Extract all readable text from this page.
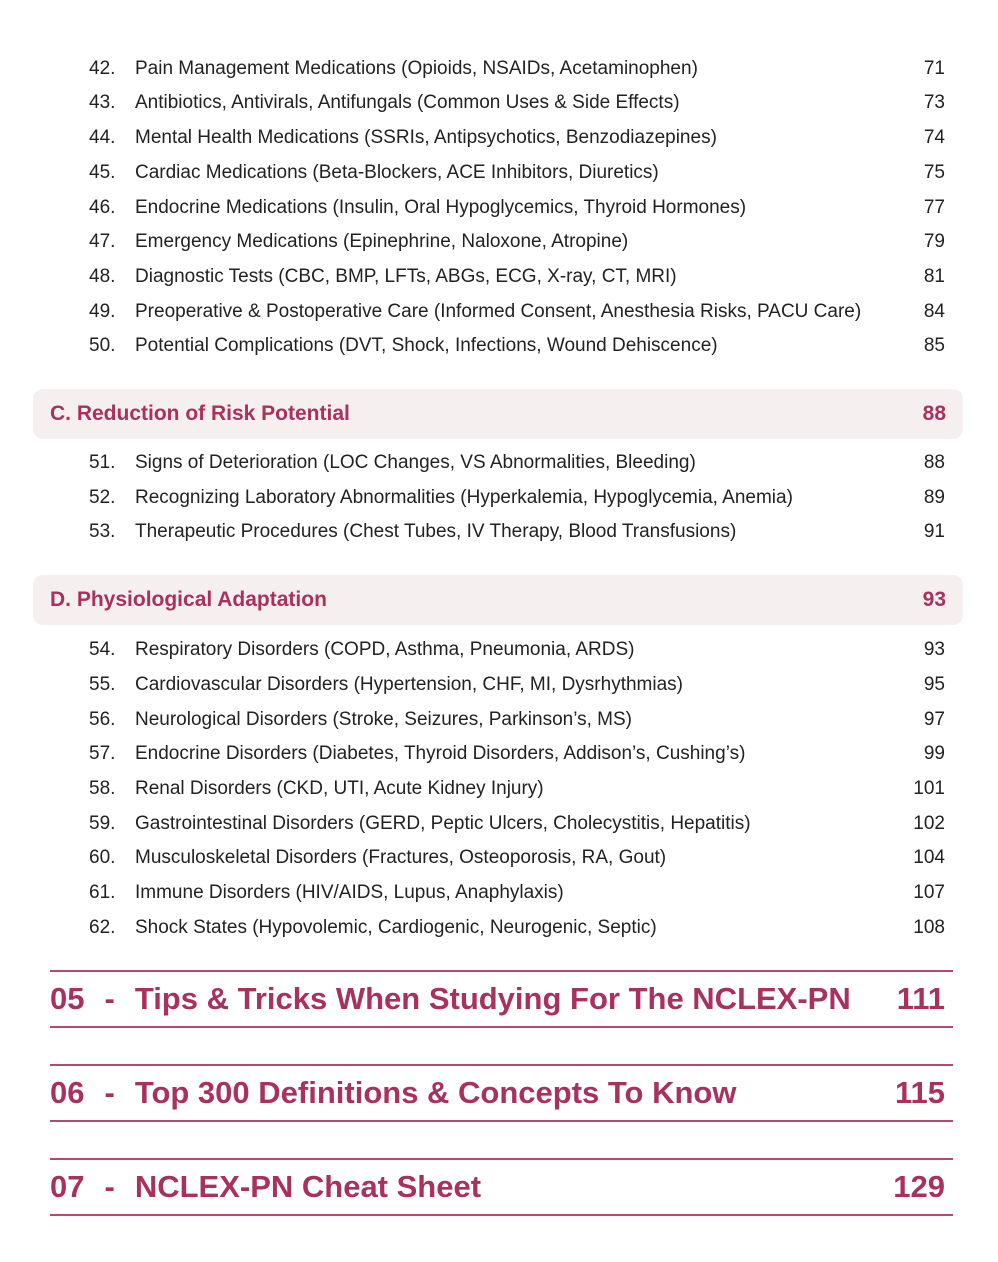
42.	Pain Management Medications (Opioids, NSAIDs, Acetaminophen)	71
43.	Antibiotics, Antivirals, Antifungals (Common Uses & Side Effects)	73
44.	Mental Health Medications (SSRIs, Antipsychotics, Benzodiazepines)	74
45.	Cardiac Medications (Beta-Blockers, ACE Inhibitors, Diuretics)	75
46.	Endocrine Medications (Insulin, Oral Hypoglycemics, Thyroid Hormones)	77
47.	Emergency Medications (Epinephrine, Naloxone, Atropine)	79
48.	Diagnostic Tests (CBC, BMP, LFTs, ABGs, ECG, X-ray, CT, MRI)	81
49.	Preoperative & Postoperative Care (Informed Consent, Anesthesia Risks, PACU Care)	84
50.	Potential Complications (DVT, Shock, Infections, Wound Dehiscence)	85
C. Reduction of Risk Potential	88
51.	Signs of Deterioration (LOC Changes, VS Abnormalities, Bleeding)	88
52.	Recognizing Laboratory Abnormalities (Hyperkalemia, Hypoglycemia, Anemia)	89
53.	Therapeutic Procedures (Chest Tubes, IV Therapy, Blood Transfusions)	91
D. Physiological Adaptation	93
54.	Respiratory Disorders (COPD, Asthma, Pneumonia, ARDS)	93
55.	Cardiovascular Disorders (Hypertension, CHF, MI, Dysrhythmias)	95
56.	Neurological Disorders (Stroke, Seizures, Parkinson’s, MS)	97
57.	Endocrine Disorders (Diabetes, Thyroid Disorders, Addison’s, Cushing’s)	99
58.	Renal Disorders (CKD, UTI, Acute Kidney Injury)	101
59.	Gastrointestinal Disorders (GERD, Peptic Ulcers, Cholecystitis, Hepatitis)	102
60.	Musculoskeletal Disorders (Fractures, Osteoporosis, RA, Gout)	104
61.	Immune Disorders (HIV/AIDS, Lupus, Anaphylaxis)	107
62.	Shock States (Hypovolemic, Cardiogenic, Neurogenic, Septic)	108
05 - Tips & Tricks When Studying For The NCLEX-PN	111
06 - Top 300 Definitions & Concepts To Know	115
07 - NCLEX-PN Cheat Sheet	129
